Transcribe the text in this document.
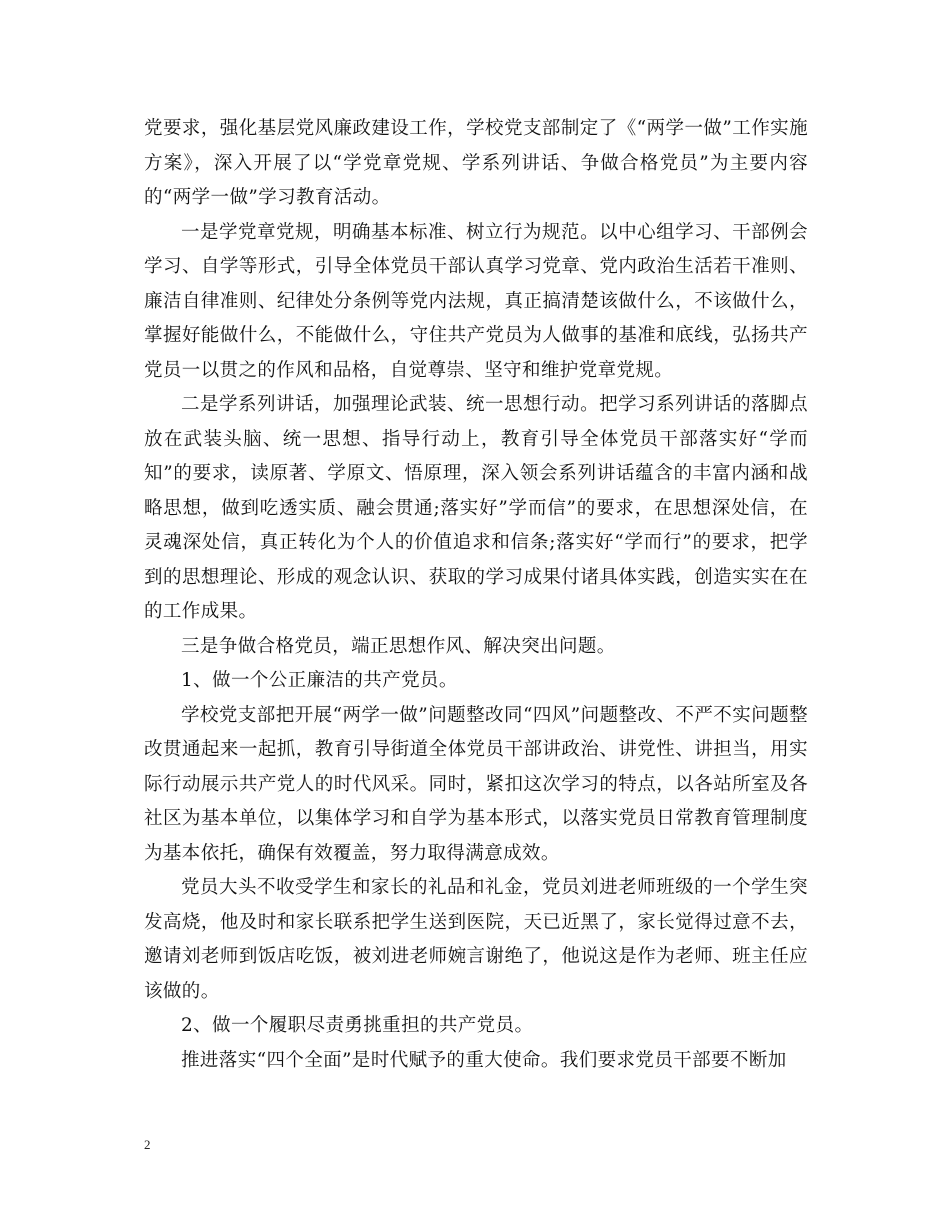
党要求，强化基层党风廉政建设工作，学校党支部制定了《“两学一做”工作实施方案》，深入开展了以“学党章党规、学系列讲话、争做合格党员”为主要内容的“两学一做”学习教育活动。

一是学党章党规，明确基本标准、树立行为规范。以中心组学习、干部例会学习、自学等形式，引导全体党员干部认真学习党章、党内政治生活若干准则、廉洁自律准则、纪律处分条例等党内法规，真正搞清楚该做什么，不该做什么，掌握好能做什么，不能做什么，守住共产党员为人做事的基准和底线，弘扬共产党员一以贯之的作风和品格，自觉尊崇、坚守和维护党章党规。

二是学系列讲话，加强理论武装、统一思想行动。把学习系列讲话的落脚点放在武装头脑、统一思想、指导行动上，教育引导全体党员干部落实好“学而知”的要求，读原著、学原文、悟原理，深入领会系列讲话蕴含的丰富内涵和战略思想，做到吃透实质、融会贯通;落实好”学而信”的要求，在思想深处信，在灵魂深处信，真正转化为个人的价值追求和信条;落实好“学而行”的要求，把学到的思想理论、形成的观念认识、获取的学习成果付诸具体实践，创造实实在在的工作成果。

三是争做合格党员，端正思想作风、解决突出问题。

1、做一个公正廉洁的共产党员。

学校党支部把开展“两学一做”问题整改同“四风”问题整改、不严不实问题整改贯通起来一起抓，教育引导街道全体党员干部讲政治、讲党性、讲担当，用实际行动展示共产党人的时代风采。同时，紧扣这次学习的特点，以各站所室及各社区为基本单位，以集体学习和自学为基本形式，以落实党员日常教育管理制度为基本依托，确保有效覆盖，努力取得满意成效。

党员大头不收受学生和家长的礼品和礼金，党员刘进老师班级的一个学生突发高烧，他及时和家长联系把学生送到医院，天已近黑了，家长觉得过意不去，邀请刘老师到饭店吃饭，被刘进老师婉言谢绝了，他说这是作为老师、班主任应该做的。

2、做一个履职尽责勇挑重担的共产党员。

推进落实“四个全面”是时代赋予的重大使命。我们要求党员干部要不断加

2
